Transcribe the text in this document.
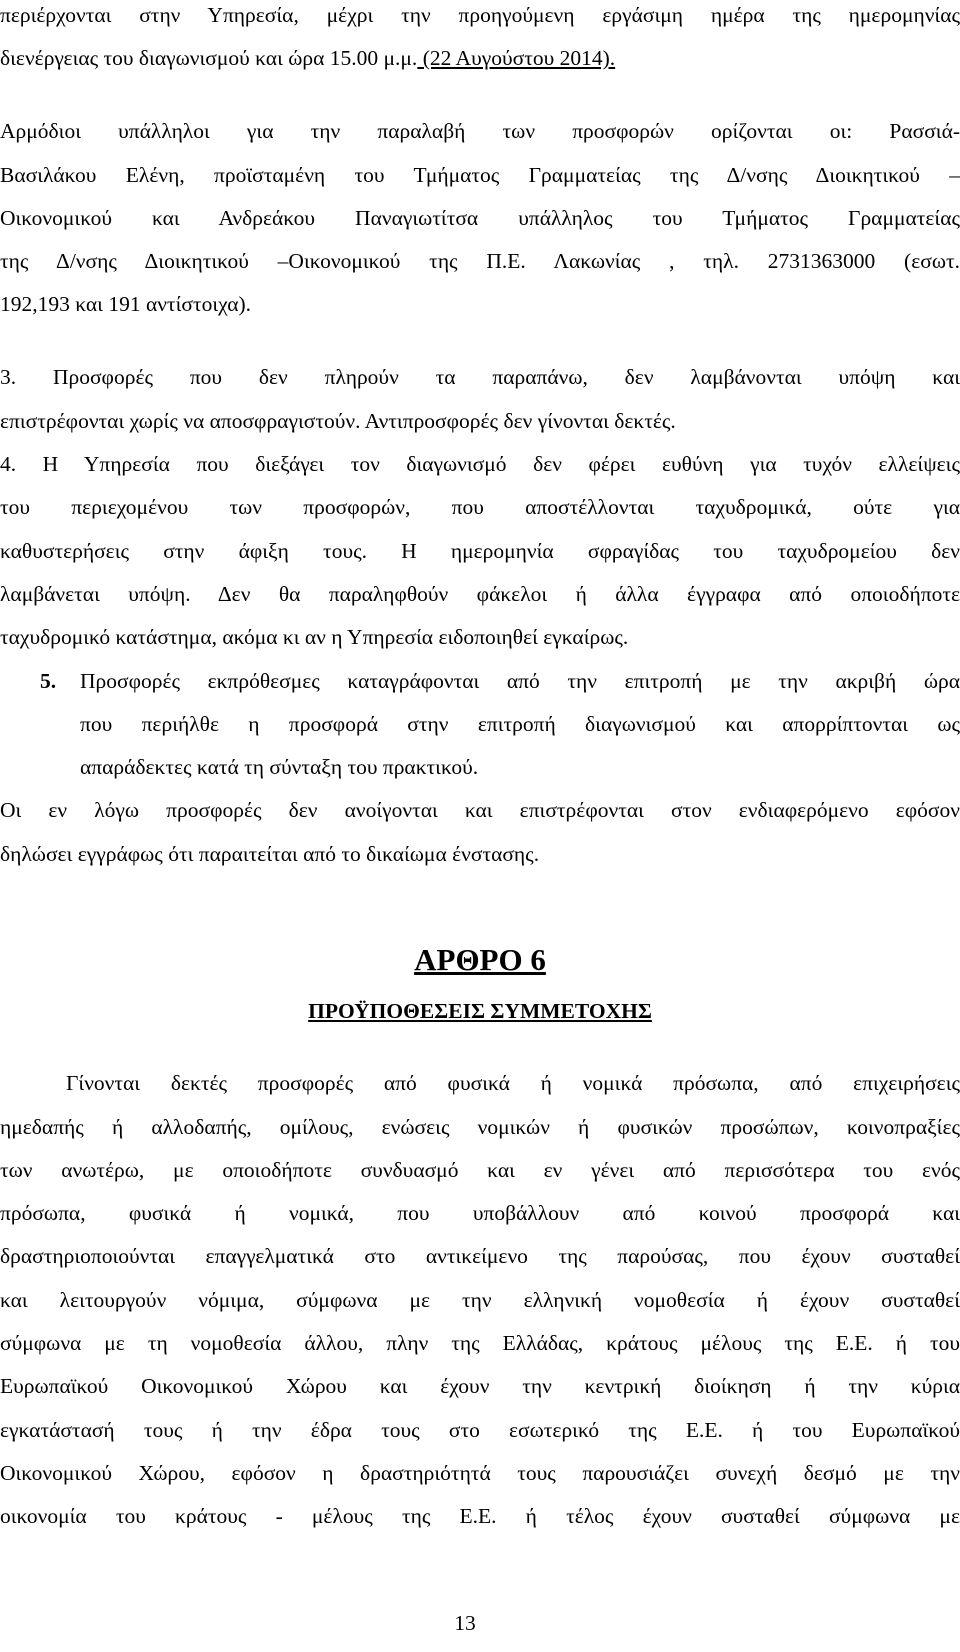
περιέρχονται στην Υπηρεσία, μέχρι την προηγούμενη εργάσιμη ημέρα της ημερομηνίας

διενέργειας του διαγωνισμού και ώρα 15.00 μ.μ. (22 Αυγούστου 2014).

Αρμόδιοι υπάλληλοι για την παραλαβή των προσφορών ορίζονται οι: Ρασσιά-

Βασιλάκου Ελένη, προϊσταμένη του Τμήματος Γραμματείας της Δ/νσης Διοικητικού –

Οικονομικού και Ανδρεάκου Παναγιωτίτσα υπάλληλος του Τμήματος Γραμματείας

της Δ/νσης Διοικητικού –Οικονομικού της Π.Ε. Λακωνίας , τηλ. 2731363000 (εσωτ.

192,193 και 191 αντίστοιχα).

3. Προσφορές που δεν πληρούν τα παραπάνω, δεν λαμβάνονται υπόψη και

επιστρέφονται χωρίς να αποσφραγιστούν. Αντιπροσφορές δεν γίνονται δεκτές.

4. Η Υπηρεσία που διεξάγει τον διαγωνισμό δεν φέρει ευθύνη για τυχόν ελλείψεις

του περιεχομένου των προσφορών, που αποστέλλονται ταχυδρομικά, ούτε για

καθυστερήσεις στην άφιξη τους. Η ημερομηνία σφραγίδας του ταχυδρομείου δεν

λαμβάνεται υπόψη. Δεν θα παραληφθούν φάκελοι ή άλλα έγγραφα από οποιοδήποτε

ταχυδρομικό κατάστημα, ακόμα κι αν η Υπηρεσία ειδοποιηθεί εγκαίρως.

5.	Προσφορές εκπρόθεσμες καταγράφονται από την επιτροπή με την ακριβή ώρα

που περιήλθε η προσφορά στην επιτροπή διαγωνισμού και απορρίπτονται ως

απαράδεκτες κατά τη σύνταξη του πρακτικού.

Οι εν λόγω προσφορές δεν ανοίγονται και επιστρέφονται στον ενδιαφερόμενο εφόσον

δηλώσει εγγράφως ότι παραιτείται από το δικαίωμα ένστασης.

ΑΡΘΡΟ 6
ΠΡΟΫΠΟΘΕΣΕΙΣ ΣΥΜΜΕΤΟΧΗΣ

Γίνονται δεκτές προσφορές από φυσικά ή νομικά πρόσωπα, από επιχειρήσεις

ημεδαπής ή αλλοδαπής, ομίλους, ενώσεις νομικών ή φυσικών προσώπων, κοινοπραξίες

των ανωτέρω, με οποιοδήποτε συνδυασμό και εν γένει από περισσότερα του ενός

πρόσωπα, φυσικά ή νομικά, που υποβάλλουν από κοινού προσφορά και

δραστηριοποιούνται επαγγελματικά στο αντικείμενο της παρούσας, που έχουν συσταθεί

και λειτουργούν νόμιμα, σύμφωνα με την ελληνική νομοθεσία ή έχουν συσταθεί

σύμφωνα με τη νομοθεσία άλλου, πλην της Ελλάδας, κράτους μέλους της Ε.Ε. ή του

Ευρωπαϊκού Οικονομικού Χώρου και έχουν την κεντρική διοίκηση ή την κύρια

εγκατάστασή τους ή την έδρα τους στο εσωτερικό της Ε.Ε. ή του Ευρωπαϊκού

Οικονομικού Χώρου, εφόσον η δραστηριότητά τους παρουσιάζει συνεχή δεσμό με την

οικονομία του κράτους - μέλους της Ε.Ε. ή τέλος έχουν συσταθεί σύμφωνα με

13
